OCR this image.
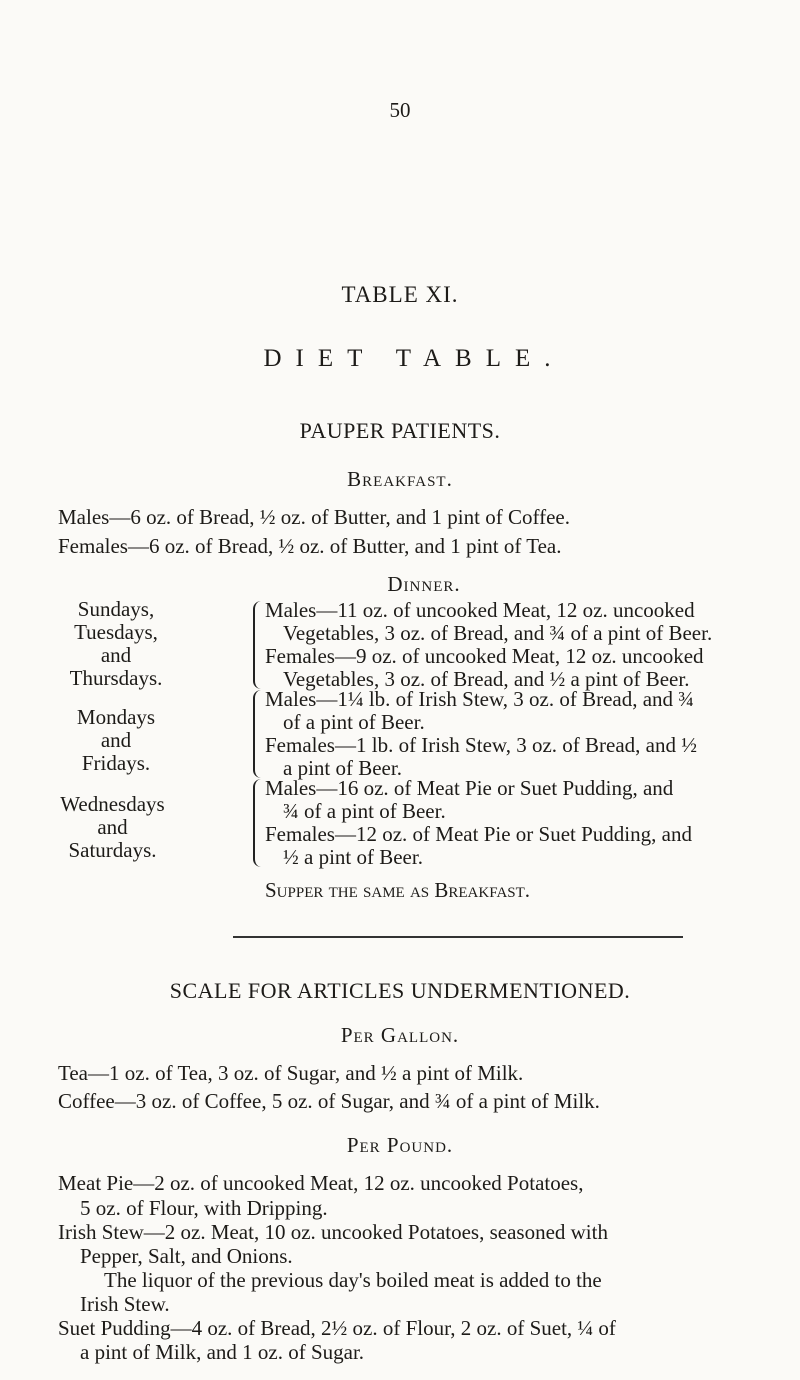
50
TABLE XI.
DIET TABLE.
PAUPER PATIENTS.
Breakfast.
Males—6 oz. of Bread, ½ oz. of Butter, and 1 pint of Coffee.
Females—6 oz. of Bread, ½ oz. of Butter, and 1 pint of Tea.
Dinner.
Sundays,
Tuesdays,
and
Thursdays.
Males—11 oz. of uncooked Meat, 12 oz. uncooked
Vegetables, 3 oz. of Bread, and ¾ of a pint of Beer.
Females—9 oz. of uncooked Meat, 12 oz. uncooked
Vegetables, 3 oz. of Bread, and ½ a pint of Beer.
Mondays
and
Fridays.
Males—1¼ lb. of Irish Stew, 3 oz. of Bread, and ¾
of a pint of Beer.
Females—1 lb. of Irish Stew, 3 oz. of Bread, and ½
a pint of Beer.
Wednesdays
and
Saturdays.
Males—16 oz. of Meat Pie or Suet Pudding, and
¾ of a pint of Beer.
Females—12 oz. of Meat Pie or Suet Pudding, and
½ a pint of Beer.
Supper the same as Breakfast.
SCALE FOR ARTICLES UNDERMENTIONED.
Per Gallon.
Tea—1 oz. of Tea, 3 oz. of Sugar, and ½ a pint of Milk.
Coffee—3 oz. of Coffee, 5 oz. of Sugar, and ¾ of a pint of Milk.
Per Pound.
Meat Pie—2 oz. of uncooked Meat, 12 oz. uncooked Potatoes,
5 oz. of Flour, with Dripping.
Irish Stew—2 oz. Meat, 10 oz. uncooked Potatoes, seasoned with
Pepper, Salt, and Onions.
The liquor of the previous day's boiled meat is added to the
Irish Stew.
Suet Pudding—4 oz. of Bread, 2½ oz. of Flour, 2 oz. of Suet, ¼ of
a pint of Milk, and 1 oz. of Sugar.
